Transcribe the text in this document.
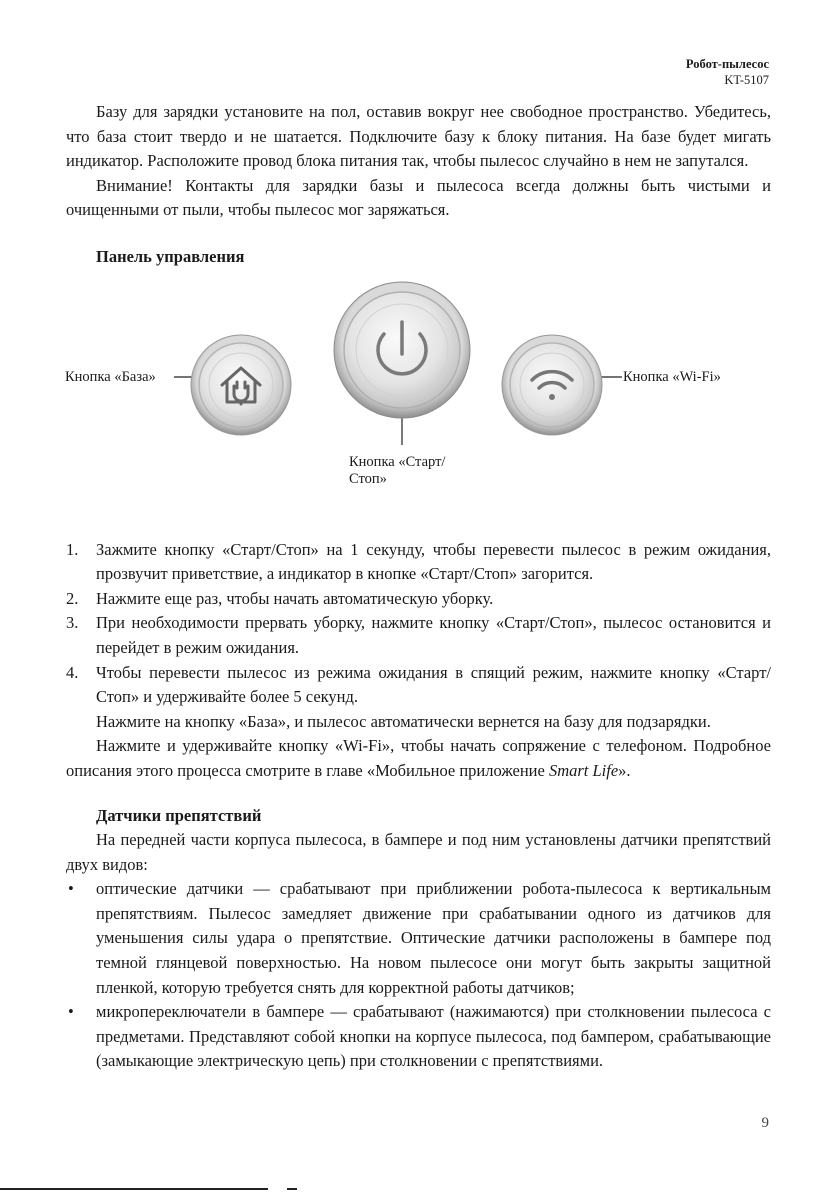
Робот-пылесос
KT-5107

Базу для зарядки установите на пол, оставив вокруг нее свободное пространство. Убедитесь, что база стоит твердо и не шатается. Подключите базу к блоку питания. На базе будет мигать индикатор. Расположите провод блока питания так, чтобы пылесос случайно в нем не запутался.

Внимание! Контакты для зарядки базы и пылесоса всегда должны быть чистыми и очищенными от пыли, чтобы пылесос мог заряжаться.

Панель управления

Кнопка «База»	Кнопка «Wi-Fi»
Кнопка «Старт/
Стоп»
1. Зажмите кнопку «Старт/Стоп» на 1 секунду, чтобы перевести пылесос в режим ожидания, прозвучит приветствие, а индикатор в кнопке «Старт/Стоп» загорится.
2. Нажмите еще раз, чтобы начать автоматическую уборку.
3. При необходимости прервать уборку, нажмите кнопку «Старт/Стоп», пылесос остановится и перейдет в режим ожидания.
4. Чтобы перевести пылесос из режима ожидания в спящий режим, нажмите кнопку «Старт/Стоп» и удерживайте более 5 секунд.

Нажмите на кнопку «База», и пылесос автоматически вернется на базу для подзарядки.

Нажмите и удерживайте кнопку «Wi-Fi», чтобы начать сопряжение с телефоном. Подробное описания этого процесса смотрите в главе «Мобильное приложение Smart Life».

Датчики препятствий

На передней части корпуса пылесоса, в бампере и под ним установлены датчики препятствий двух видов:

• оптические датчики — срабатывают при приближении робота-пылесоса к вертикальным препятствиям. Пылесос замедляет движение при срабатывании одного из датчиков для уменьшения силы удара о препятствие. Оптические датчики расположены в бампере под темной глянцевой поверхностью. На новом пылесосе они могут быть закрыты защитной пленкой, которую требуется снять для корректной работы датчиков;
• микропереключатели в бампере — срабатывают (нажимаются) при столкновении пылесоса с предметами. Представляют собой кнопки на корпусе пылесоса, под бампером, срабатывающие (замыкающие электрическую цепь) при столкновении с препятствиями.
9
